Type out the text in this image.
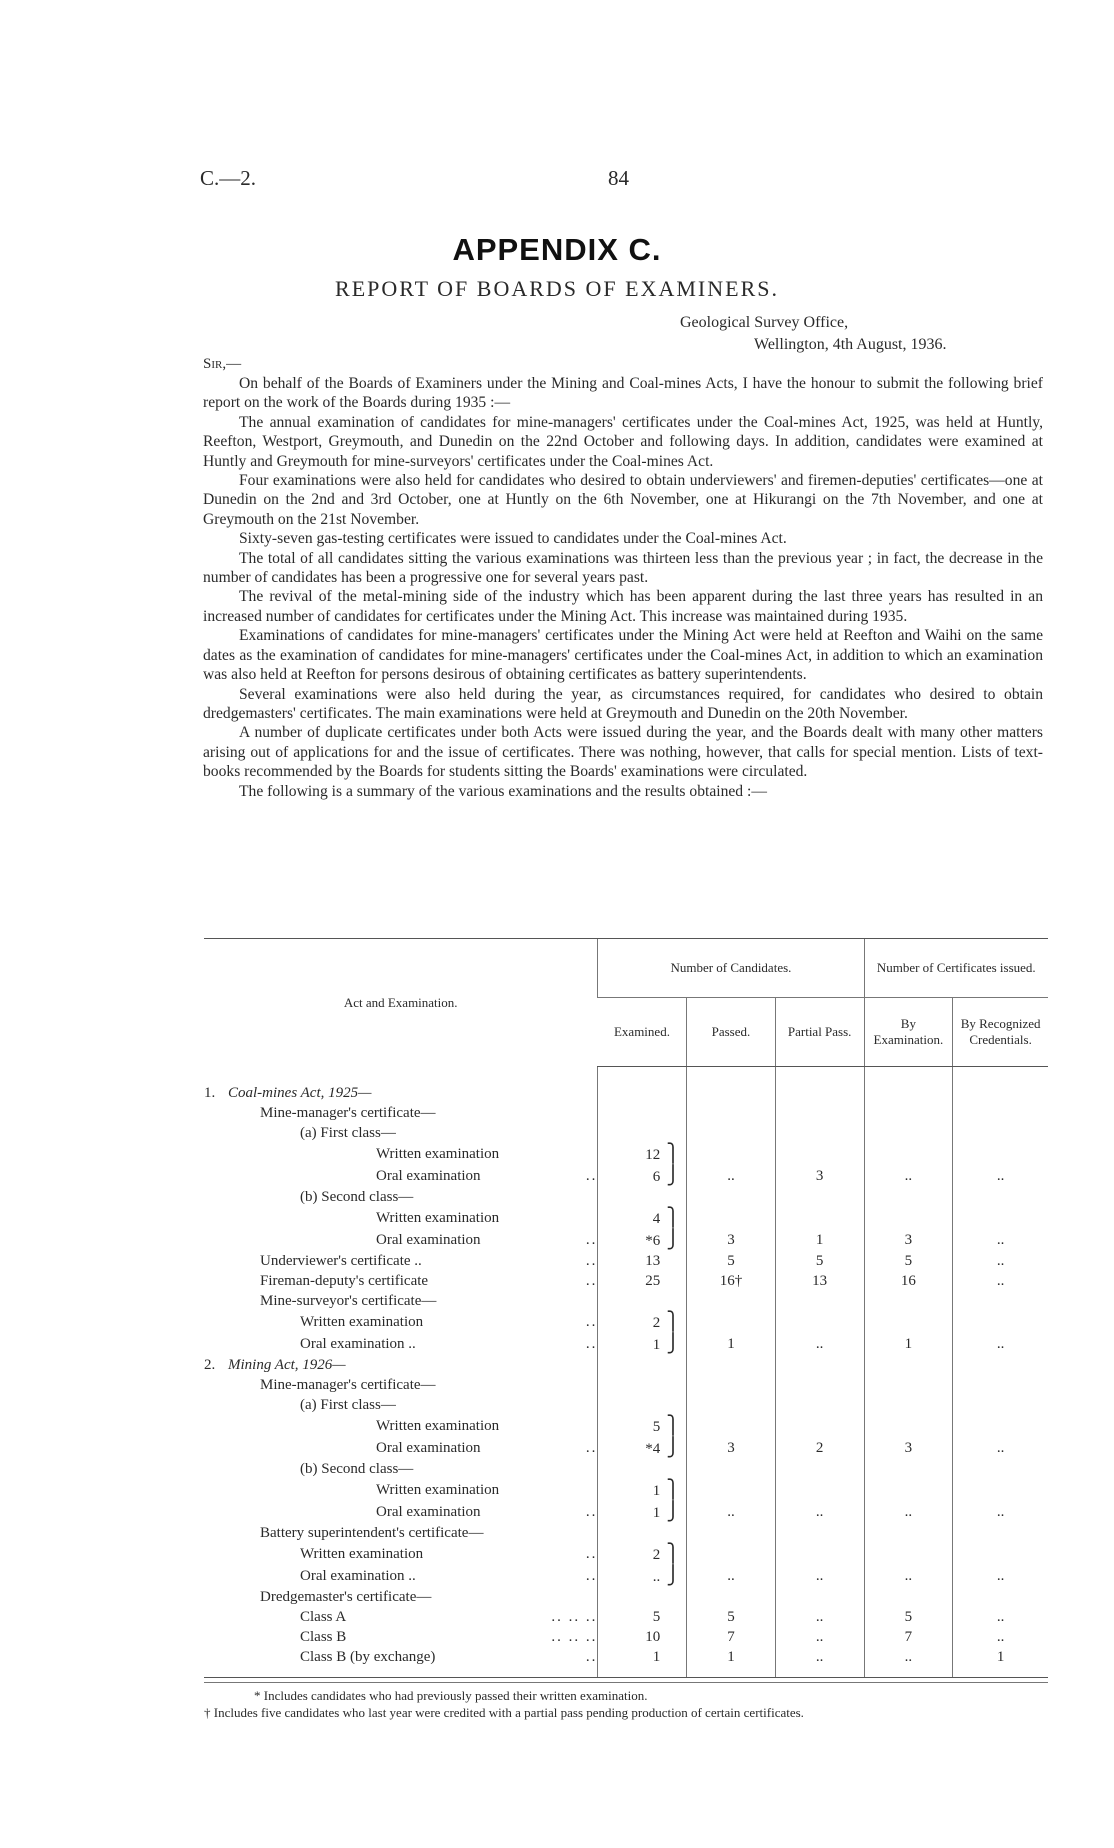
C.—2.	84
APPENDIX C.
REPORT OF BOARDS OF EXAMINERS.
Geological Survey Office,
Wellington, 4th August, 1936.
Sir,—

On behalf of the Boards of Examiners under the Mining and Coal-mines Acts, I have the honour to submit the following brief report on the work of the Boards during 1935 :—

The annual examination of candidates for mine-managers' certificates under the Coal-mines Act, 1925, was held at Huntly, Reefton, Westport, Greymouth, and Dunedin on the 22nd October and following days. In addition, candidates were examined at Huntly and Greymouth for mine-surveyors' certificates under the Coal-mines Act.

Four examinations were also held for candidates who desired to obtain underviewers' and firemen-deputies' certificates—one at Dunedin on the 2nd and 3rd October, one at Huntly on the 6th November, one at Hikurangi on the 7th November, and one at Greymouth on the 21st November.

Sixty-seven gas-testing certificates were issued to candidates under the Coal-mines Act.

The total of all candidates sitting the various examinations was thirteen less than the previous year ; in fact, the decrease in the number of candidates has been a progressive one for several years past.

The revival of the metal-mining side of the industry which has been apparent during the last three years has resulted in an increased number of candidates for certificates under the Mining Act. This increase was maintained during 1935.

Examinations of candidates for mine-managers' certificates under the Mining Act were held at Reefton and Waihi on the same dates as the examination of candidates for mine-managers' certificates under the Coal-mines Act, in addition to which an examination was also held at Reefton for persons desirous of obtaining certificates as battery superintendents.

Several examinations were also held during the year, as circumstances required, for candidates who desired to obtain dredgemasters' certificates. The main examinations were held at Greymouth and Dunedin on the 20th November.

A number of duplicate certificates under both Acts were issued during the year, and the Boards dealt with many other matters arising out of applications for and the issue of certificates. There was nothing, however, that calls for special mention. Lists of text-books recommended by the Boards for students sitting the Boards' examinations were circulated.

The following is a summary of the various examinations and the results obtained :—

Act and Examination.	Number of Candidates.			Number of Certificates issued.	
	Examined.	Passed.	Partial Pass.	By Examination.	By Recognized Credentials.

1. Coal-mines Act, 1925—					

Mine-manager's certificate—					

(a) First class—					

Written examination	12 ⎫				

Oral examination ..	6 ⎭	..	3	..	..

(b) Second class—					

Written examination	4 ⎫				

Oral examination ..	*6 ⎭	3	1	3	..

Underviewer's certificate .. ..	13	5	5	5	..

Fireman-deputy's certificate ..	25	16†	13	16	..

Mine-surveyor's certificate—					

Written examination ..	2 ⎫				

Oral examination .. ..	1 ⎭	1	..	1	..

2. Mining Act, 1926—					

Mine-manager's certificate—					

(a) First class—					

Written examination	5 ⎫				

Oral examination ..	*4 ⎭	3	2	3	..

(b) Second class—					

Written examination	1 ⎫				

Oral examination ..	1 ⎭	..	..	..	..

Battery superintendent's certificate—					

Written examination ..	2 ⎫				

Oral examination .. ..	.. ⎭	..	..	..	..

Dredgemaster's certificate—					

Class A .. .. ..	5	5	..	5	..

Class B .. .. ..	10	7	..	7	..

Class B (by exchange) ..	1	1	..	..	1
* Includes candidates who had previously passed their written examination.
† Includes five candidates who last year were credited with a partial pass pending production of certain certificates.
